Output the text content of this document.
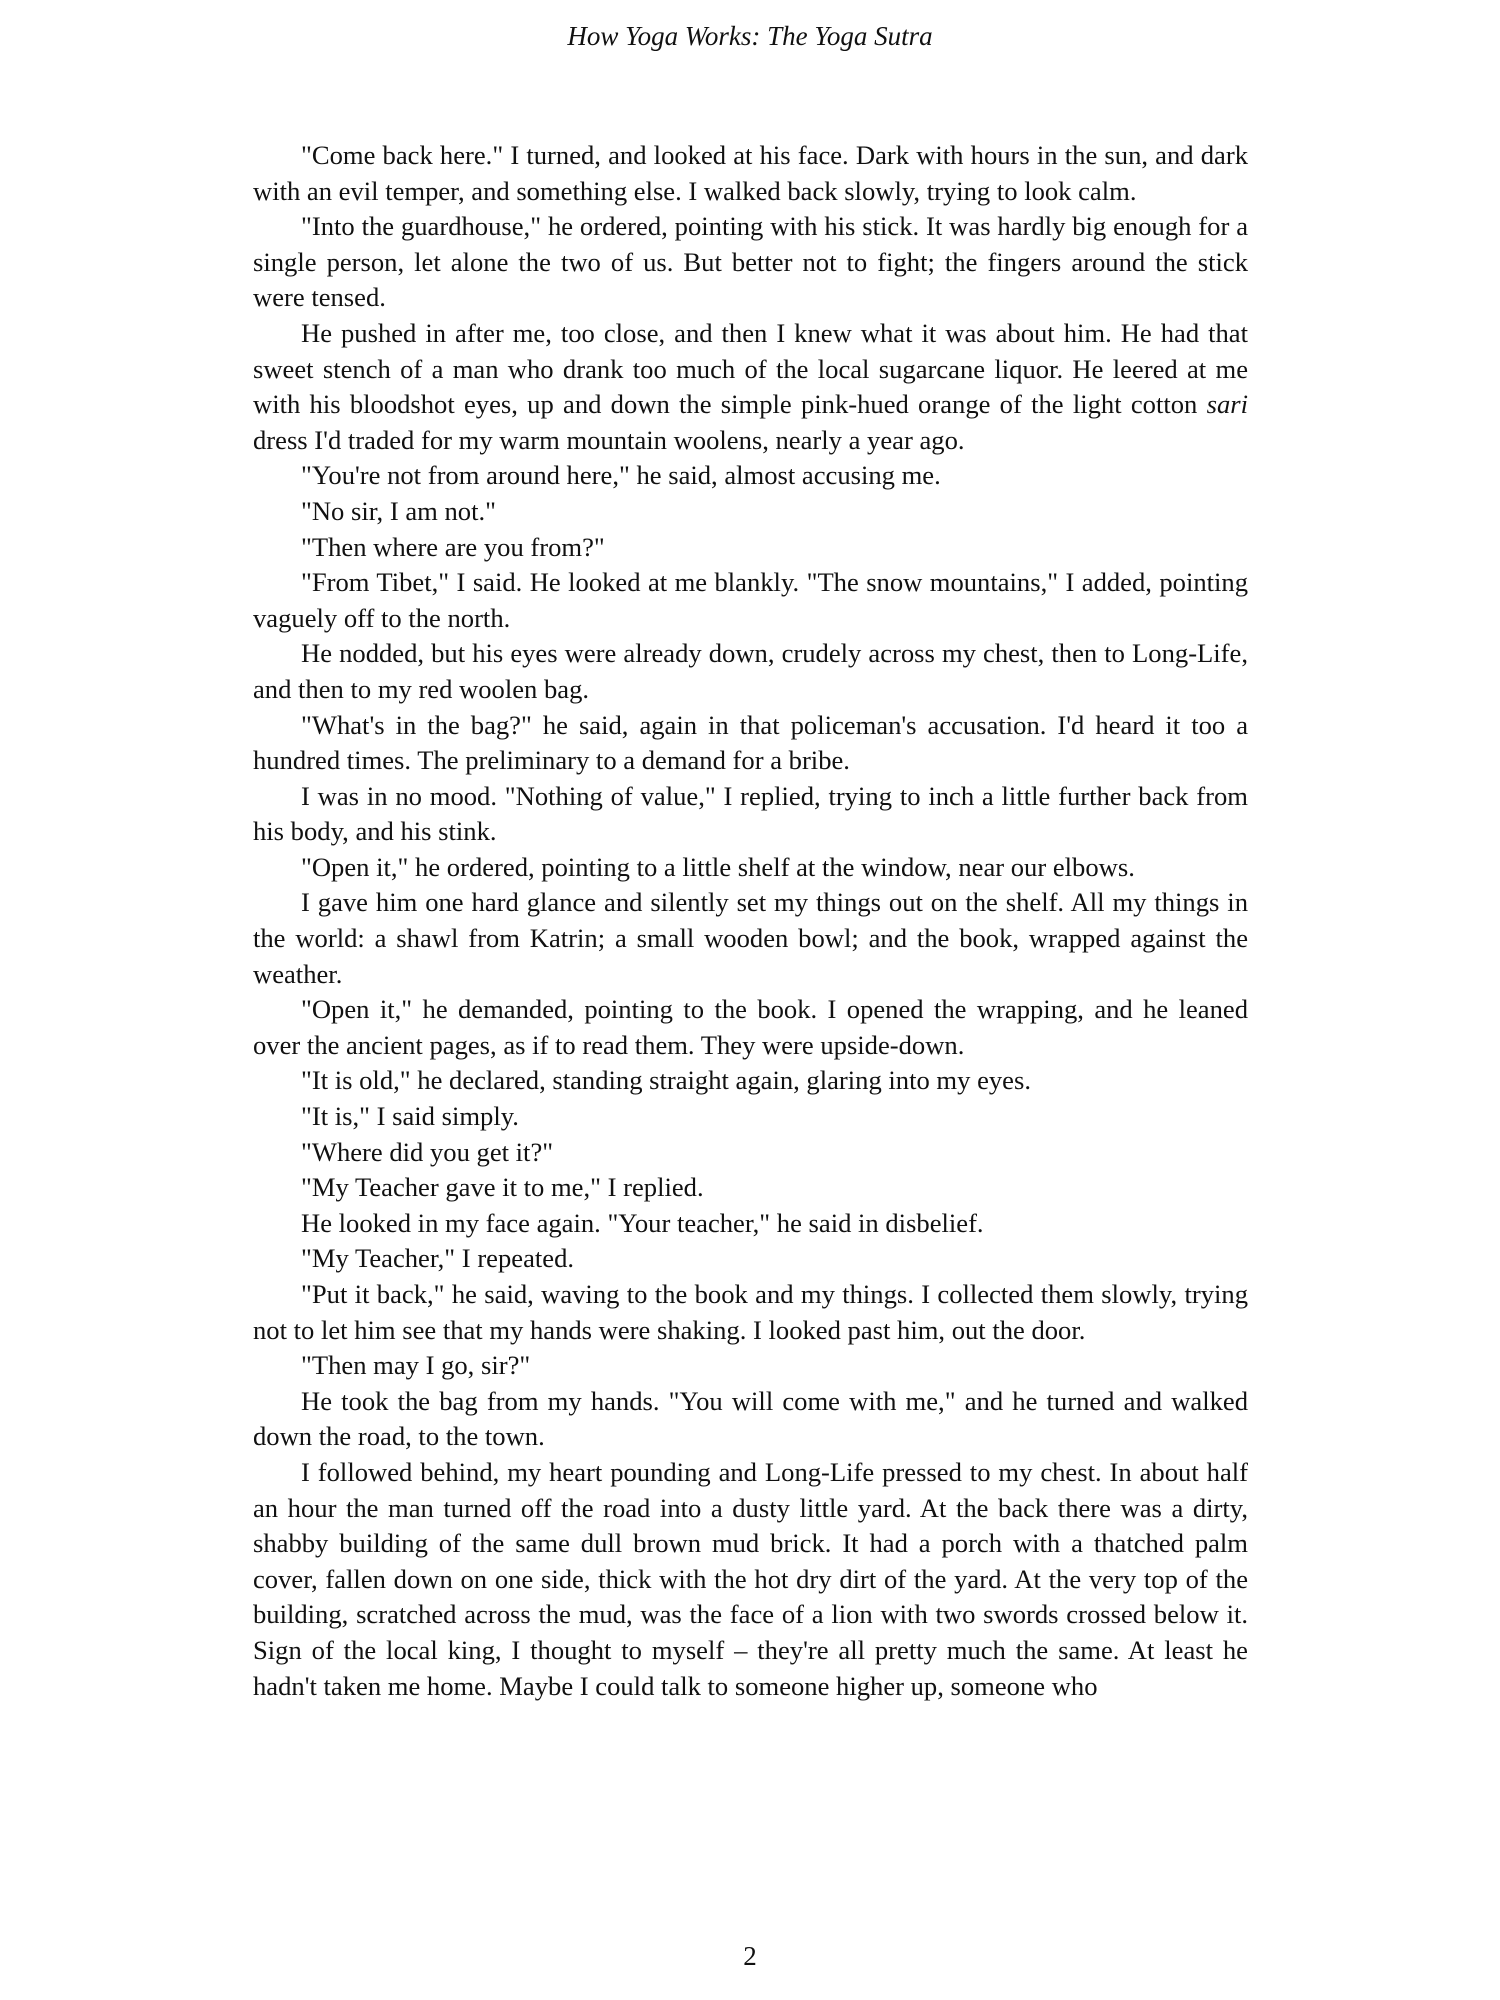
How Yoga Works: The Yoga Sutra

"Come back here." I turned, and looked at his face. Dark with hours in the sun, and dark with an evil temper, and something else. I walked back slowly, trying to look calm.

"Into the guardhouse," he ordered, pointing with his stick. It was hardly big enough for a single person, let alone the two of us. But better not to fight; the fingers around the stick were tensed.

He pushed in after me, too close, and then I knew what it was about him. He had that sweet stench of a man who drank too much of the local sugarcane liquor. He leered at me with his bloodshot eyes, up and down the simple pink-hued orange of the light cotton sari dress I'd traded for my warm mountain woolens, nearly a year ago.

"You're not from around here," he said, almost accusing me.

"No sir, I am not."

"Then where are you from?"

"From Tibet," I said. He looked at me blankly. "The snow mountains," I added, pointing vaguely off to the north.

He nodded, but his eyes were already down, crudely across my chest, then to Long-Life, and then to my red woolen bag.

"What's in the bag?" he said, again in that policeman's accusation. I'd heard it too a hundred times. The preliminary to a demand for a bribe.

I was in no mood. "Nothing of value," I replied, trying to inch a little further back from his body, and his stink.

"Open it," he ordered, pointing to a little shelf at the window, near our elbows.

I gave him one hard glance and silently set my things out on the shelf. All my things in the world: a shawl from Katrin; a small wooden bowl; and the book, wrapped against the weather.

"Open it," he demanded, pointing to the book. I opened the wrapping, and he leaned over the ancient pages, as if to read them. They were upside-down.

"It is old," he declared, standing straight again, glaring into my eyes.

"It is," I said simply.

"Where did you get it?"

"My Teacher gave it to me," I replied.

He looked in my face again. "Your teacher," he said in disbelief.

"My Teacher," I repeated.

"Put it back," he said, waving to the book and my things. I collected them slowly, trying not to let him see that my hands were shaking. I looked past him, out the door.

"Then may I go, sir?"

He took the bag from my hands. "You will come with me," and he turned and walked down the road, to the town.

I followed behind, my heart pounding and Long-Life pressed to my chest. In about half an hour the man turned off the road into a dusty little yard. At the back there was a dirty, shabby building of the same dull brown mud brick. It had a porch with a thatched palm cover, fallen down on one side, thick with the hot dry dirt of the yard. At the very top of the building, scratched across the mud, was the face of a lion with two swords crossed below it. Sign of the local king, I thought to myself – they're all pretty much the same. At least he hadn't taken me home. Maybe I could talk to someone higher up, someone who

2
